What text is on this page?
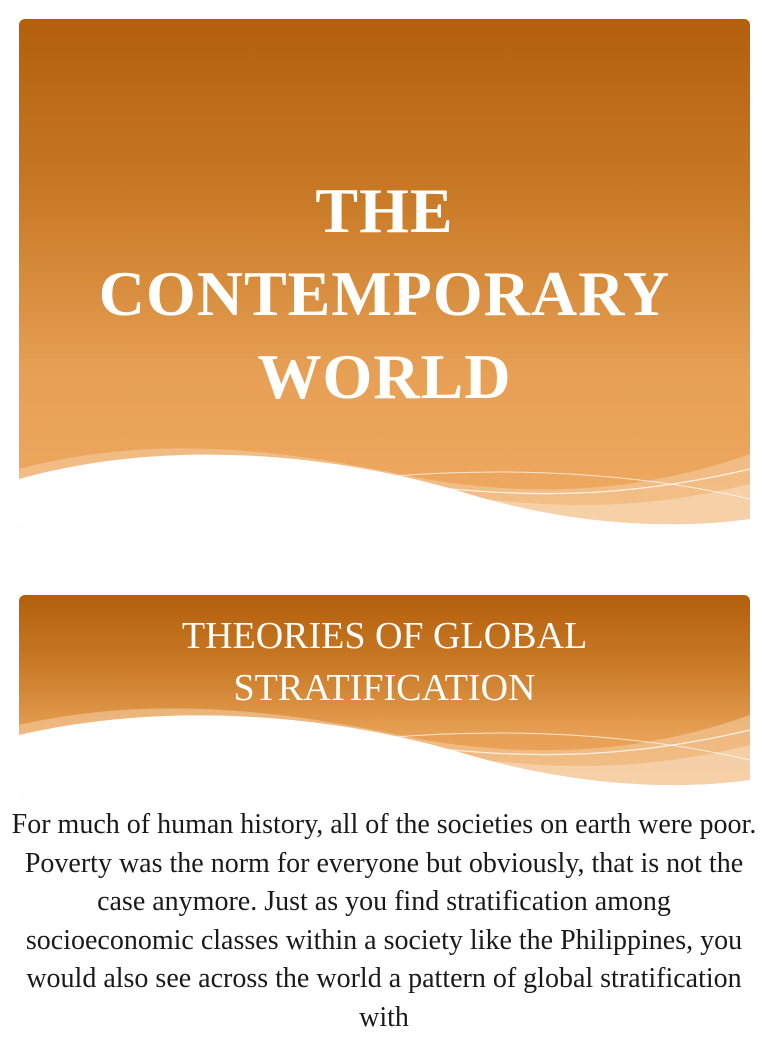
THE
CONTEMPORARY
WORLD
THEORIES OF GLOBAL
STRATIFICATION

For much of human history, all of the societies on earth were poor. Poverty was the norm for everyone but obviously, that is not the case anymore. Just as you find stratification among socioeconomic classes within a society like the Philippines, you would also see across the world a pattern of global stratification with
